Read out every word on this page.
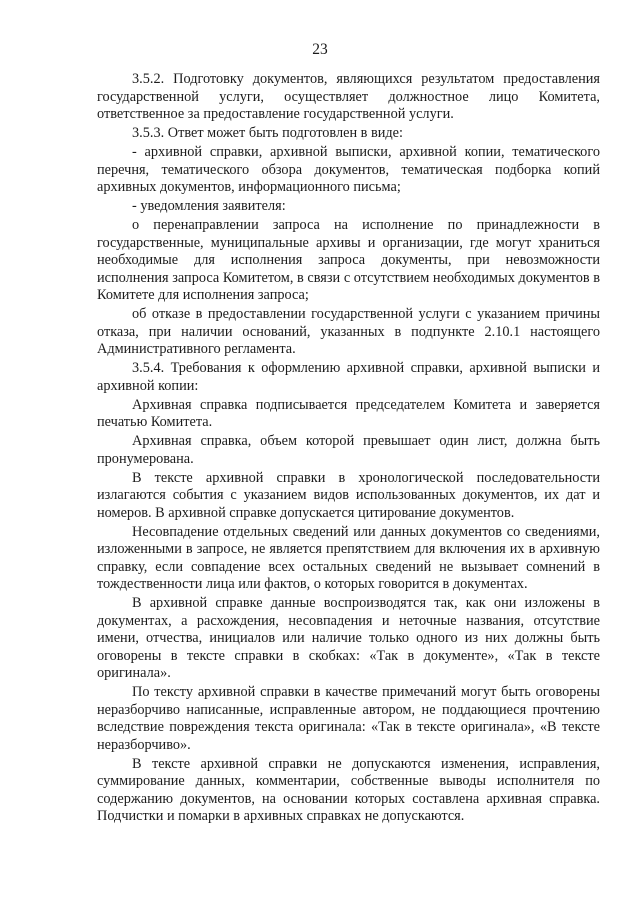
23

3.5.2. Подготовку документов, являющихся результатом предоставления государственной услуги, осуществляет должностное лицо Комитета, ответственное за предоставление государственной услуги.

3.5.3. Ответ может быть подготовлен в виде:

- архивной справки, архивной выписки, архивной копии, тематического перечня, тематического обзора документов, тематическая подборка копий архивных документов, информационного письма;

- уведомления заявителя:

о перенаправлении запроса на исполнение по принадлежности в государственные, муниципальные архивы и организации, где могут храниться необходимые для исполнения запроса документы, при невозможности исполнения запроса Комитетом, в связи с отсутствием необходимых документов в Комитете для исполнения запроса;

об отказе в предоставлении государственной услуги с указанием причины отказа, при наличии оснований, указанных в подпункте 2.10.1 настоящего Административного регламента.

3.5.4. Требования к оформлению архивной справки, архивной выписки и архивной копии:

Архивная справка подписывается председателем Комитета и заверяется печатью Комитета.

Архивная справка, объем которой превышает один лист, должна быть пронумерована.

В тексте архивной справки в хронологической последовательности излагаются события с указанием видов использованных документов, их дат и номеров. В архивной справке допускается цитирование документов.

Несовпадение отдельных сведений или данных документов со сведениями, изложенными в запросе, не является препятствием для включения их в архивную справку, если совпадение всех остальных сведений не вызывает сомнений в тождественности лица или фактов, о которых говорится в документах.

В архивной справке данные воспроизводятся так, как они изложены в документах, а расхождения, несовпадения и неточные названия, отсутствие имени, отчества, инициалов или наличие только одного из них должны быть оговорены в тексте справки в скобках: «Так в документе», «Так в тексте оригинала».

По тексту архивной справки в качестве примечаний могут быть оговорены неразборчиво написанные, исправленные автором, не поддающиеся прочтению вследствие повреждения текста оригинала: «Так в тексте оригинала», «В тексте неразборчиво».

В тексте архивной справки не допускаются изменения, исправления, суммирование данных, комментарии, собственные выводы исполнителя по содержанию документов, на основании которых составлена архивная справка. Подчистки и помарки в архивных справках не допускаются.
